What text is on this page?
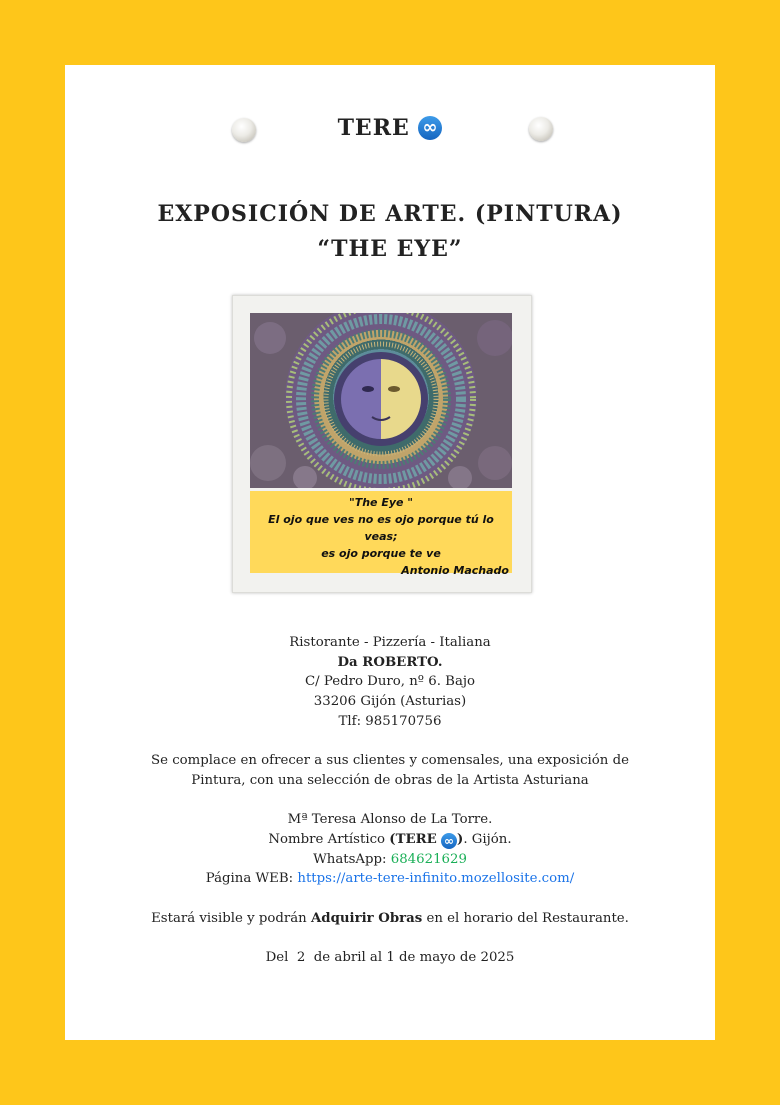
TERE ∞
EXPOSICIÓN DE ARTE. (PINTURA)
“THE EYE”
"The Eye "
El ojo que ves no es ojo porque tú lo veas;
es ojo porque te ve
Antonio Machado

Ristorante - Pizzería - Italiana

Da ROBERTO.

C/ Pedro Duro, nº 6. Bajo

33206 Gijón (Asturias)

Tlf: 985170756

Se complace en ofrecer a sus clientes y comensales, una exposición de

Pintura, con una selección de obras de la Artista Asturiana

Mª Teresa Alonso de La Torre.

Nombre Artístico (TERE ∞ ). Gijón.

WhatsApp: 684621629

Página WEB: https://arte-tere-infinito.mozellosite.com/

Estará visible y podrán Adquirir Obras en el horario del Restaurante.

Del  2  de abril al 1 de mayo de 2025
